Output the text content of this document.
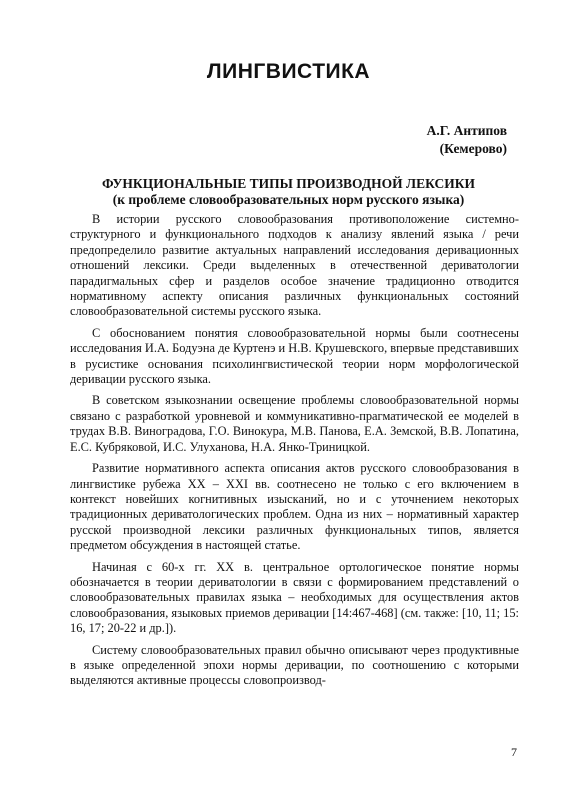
ЛИНГВИСТИКА
А.Г. Антипов
(Кемерово)
ФУНКЦИОНАЛЬНЫЕ ТИПЫ ПРОИЗВОДНОЙ ЛЕКСИКИ
(к проблеме словообразовательных норм русского языка)

В истории русского словообразования противоположение системно-структурного и функционального подходов к анализу явлений языка / речи предопределило развитие актуальных направлений исследования деривационных отношений лексики. Среди выделенных в отечественной дериватологии парадигмальных сфер и разделов особое значение традиционно отводится нормативному аспекту описания различных функциональных состояний словообразовательной системы русского языка.

С обоснованием понятия словообразовательной нормы были соотнесены исследования И.А. Бодуэна де Куртенэ и Н.В. Крушевского, впервые представивших в русистике основания психолингвистической теории норм морфологической деривации русского языка.

В советском языкознании освещение проблемы словообразовательной нормы связано с разработкой уровневой и коммуникативно-прагматической ее моделей в трудах В.В. Виноградова, Г.О. Винокура, М.В. Панова, Е.А. Земской, В.В. Лопатина, Е.С. Кубряковой, И.С. Улуханова, Н.А. Янко-Триницкой.

Развитие нормативного аспекта описания актов русского словообразования в лингвистике рубежа XX – XXI вв. соотнесено не только с его включением в контекст новейших когнитивных изысканий, но и с уточнением некоторых традиционных дериватологических проблем. Одна из них – нормативный характер русской производной лексики различных функциональных типов, является предметом обсуждения в настоящей статье.

Начиная с 60-х гг. XX в. центральное ортологическое понятие нормы обозначается в теории дериватологии в связи с формированием представлений о словообразовательных правилах языка – необходимых для осуществления актов словообразования, языковых приемов деривации [14:467-468] (см. также: [10, 11; 15: 16, 17; 20-22 и др.]).

Систему словообразовательных правил обычно описывают через продуктивные в языке определенной эпохи нормы деривации, по соотношению с которыми выделяются активные процессы словопроизвод-

7
